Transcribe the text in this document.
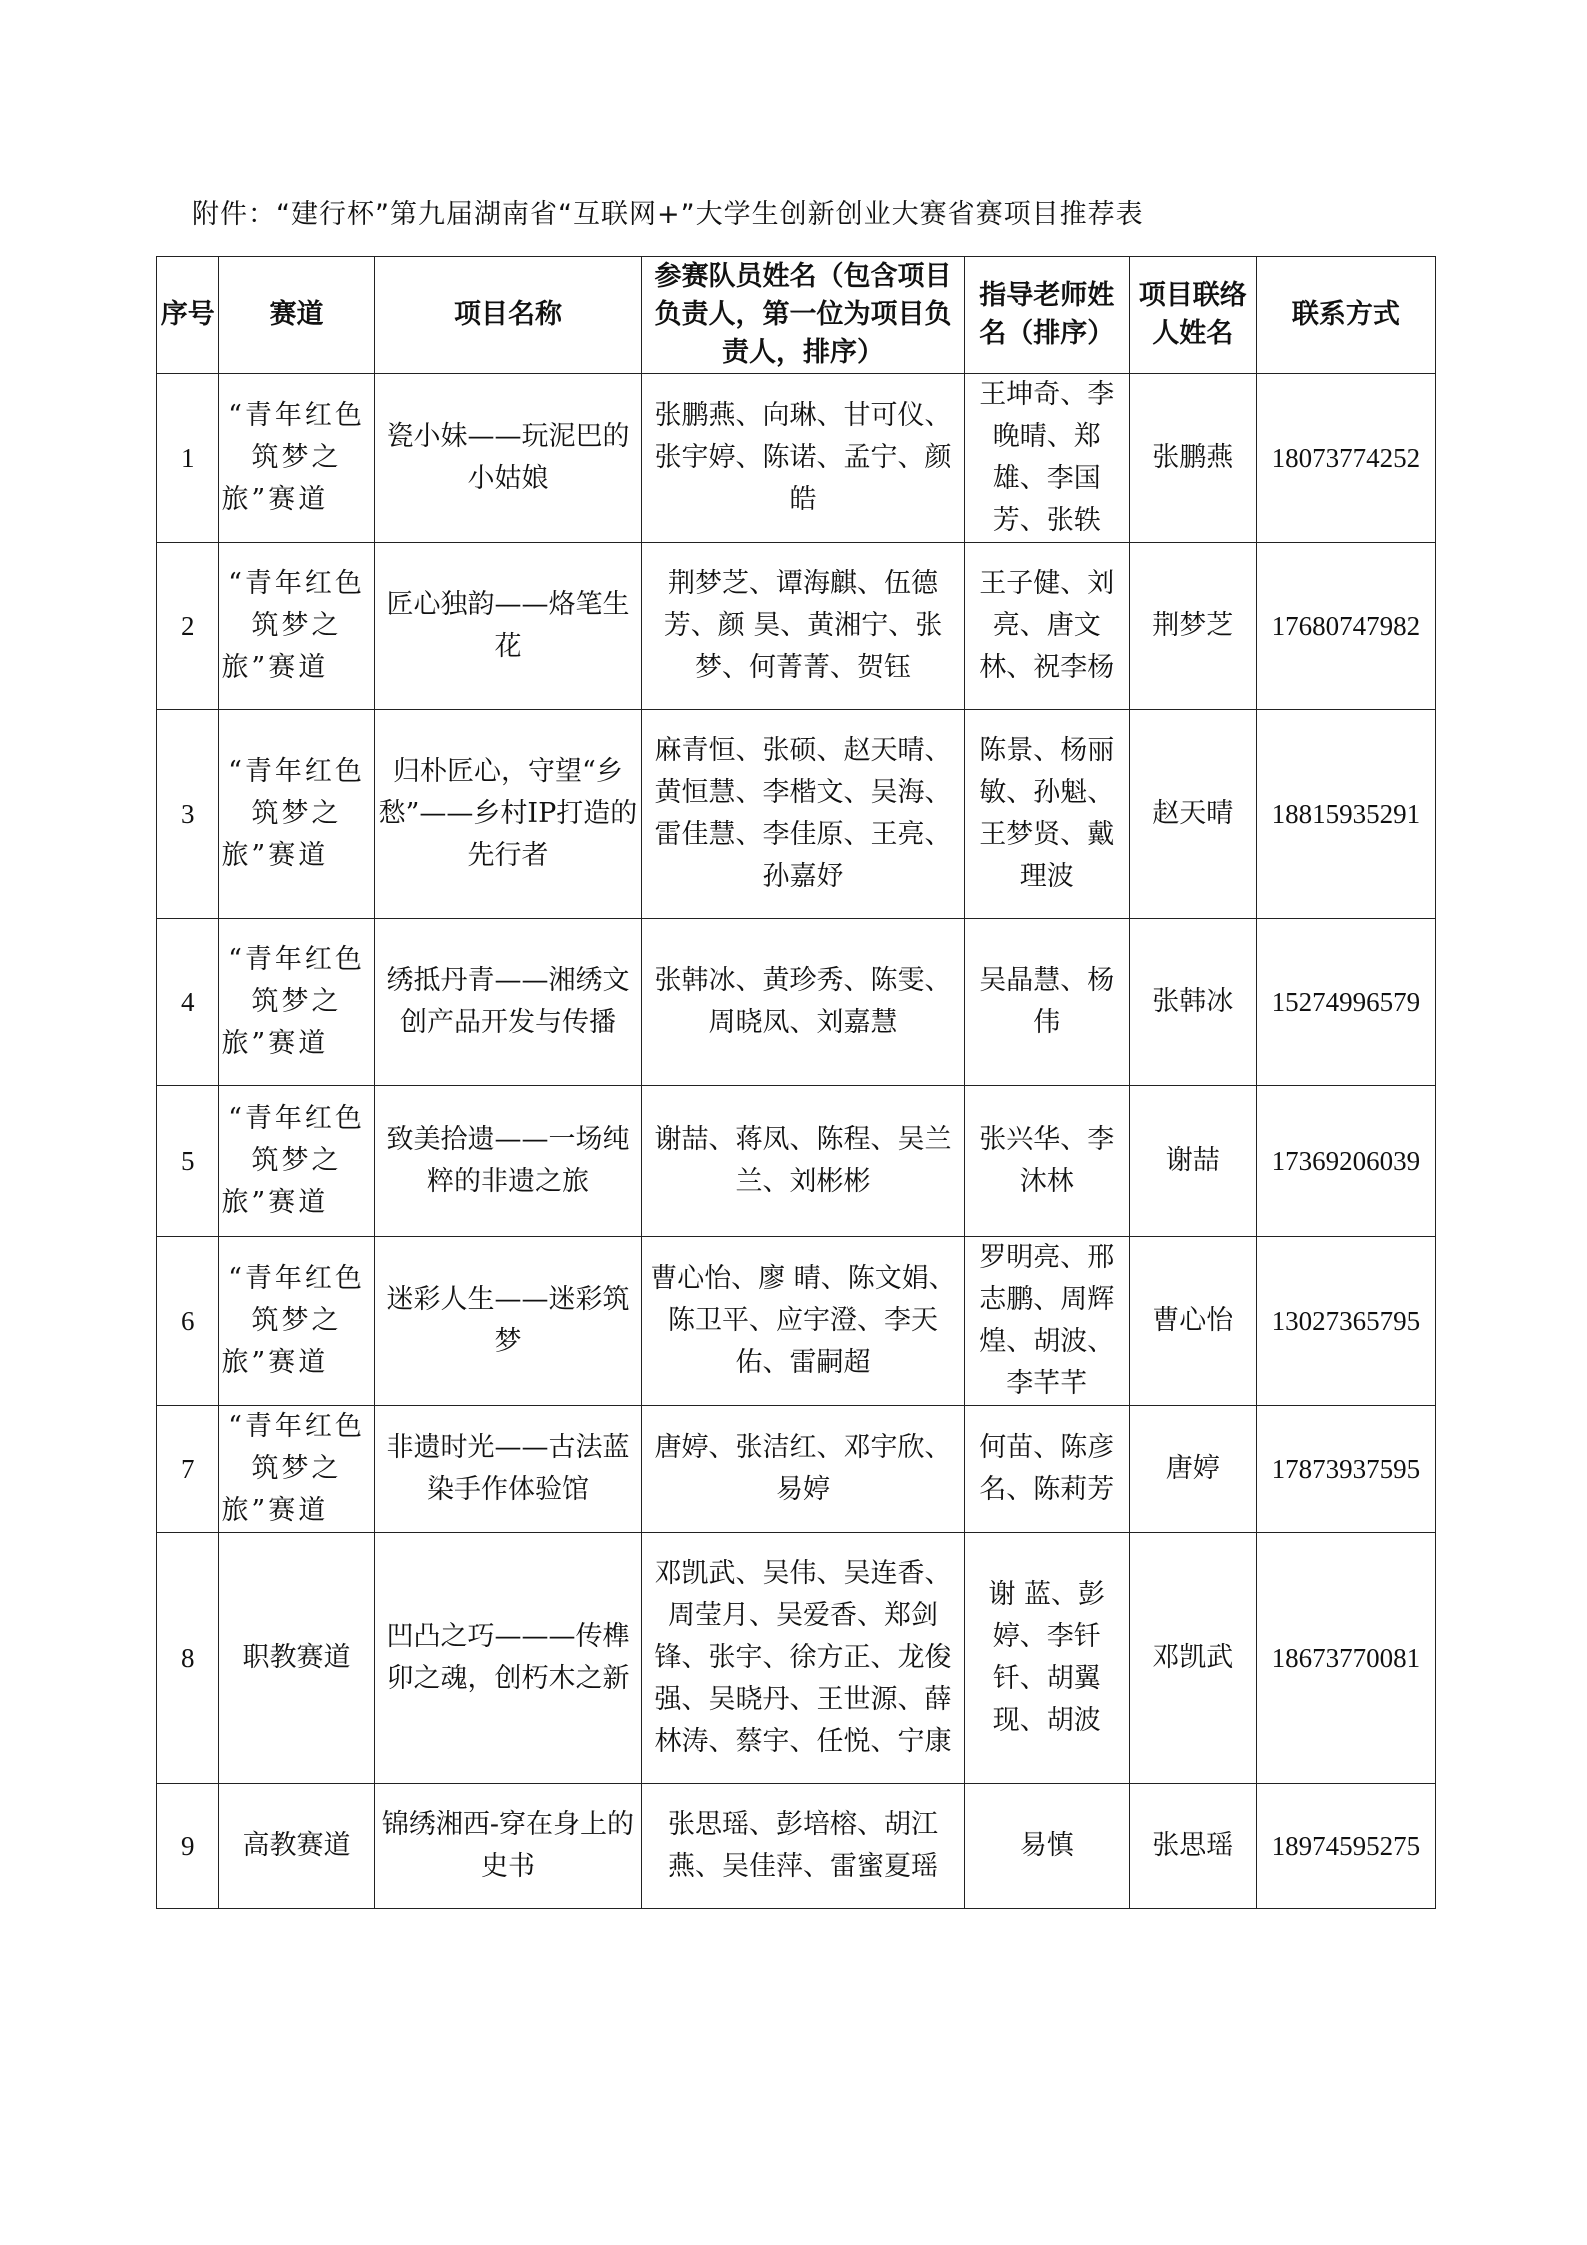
附件：“建行杯”第九届湖南省“互联网+”大学生创新创业大赛省赛项目推荐表
序号	赛道	项目名称	参赛队员姓名（包含项目负责人，第一位为项目负责人，排序）	指导老师姓名（排序）	项目联络人姓名	联系方式
1	“青年红色筑梦之旅”赛道	瓷小妹——玩泥巴的小姑娘	张鹏燕、向琳、甘可仪、张宇婷、陈诺、孟宁、颜皓	王坤奇、李晚晴、郑雄、李国芳、张轶	张鹏燕	18073774252
2	“青年红色筑梦之旅”赛道	匠心独韵——烙笔生花	荆梦芝、谭海麒、伍德芳、颜 昊、黄湘宁、张 梦、何菁菁、贺钰	王子健、刘亮、唐文林、祝李杨	荆梦芝	17680747982
3	“青年红色筑梦之旅”赛道	归朴匠心，守望“乡愁”——乡村IP打造的先行者	麻青恒、张硕、赵天晴、黄恒慧、李楷文、吴海、雷佳慧、李佳原、王亮、孙嘉妤	陈景、杨丽敏、孙魁、王梦贤、戴理波	赵天晴	18815935291
4	“青年红色筑梦之旅”赛道	绣抵丹青——湘绣文创产品开发与传播	张韩冰、黄珍秀、陈雯、周晓凤、刘嘉慧	吴晶慧、杨伟	张韩冰	15274996579
5	“青年红色筑梦之旅”赛道	致美拾遗——一场纯粹的非遗之旅	谢喆、蒋凤、陈程、吴兰兰、刘彬彬	张兴华、李沐林	谢喆	17369206039
6	“青年红色筑梦之旅”赛道	迷彩人生——迷彩筑梦	曹心怡、廖 晴、陈文娟、陈卫平、应宇澄、李天佑、雷嗣超	罗明亮、邢志鹏、周辉煌、胡波、李芊芊	曹心怡	13027365795
7	“青年红色筑梦之旅”赛道	非遗时光——古法蓝染手作体验馆	唐婷、张洁红、邓宇欣、易婷	何苗、陈彦名、陈莉芳	唐婷	17873937595
8	职教赛道	凹凸之巧———传榫卯之魂，创朽木之新	邓凯武、吴伟、吴连香、周莹月、吴爱香、郑剑锋、张宇、徐方正、龙俊强、吴晓丹、王世源、薛林涛、蔡宇、任悦、宁康	谢 蓝、彭婷、李钎钎、胡翼现、胡波	邓凯武	18673770081
9	高教赛道	锦绣湘西-穿在身上的史书	张思瑶、彭培榕、胡江燕、吴佳萍、雷蜜夏瑶	易慎	张思瑶	18974595275
